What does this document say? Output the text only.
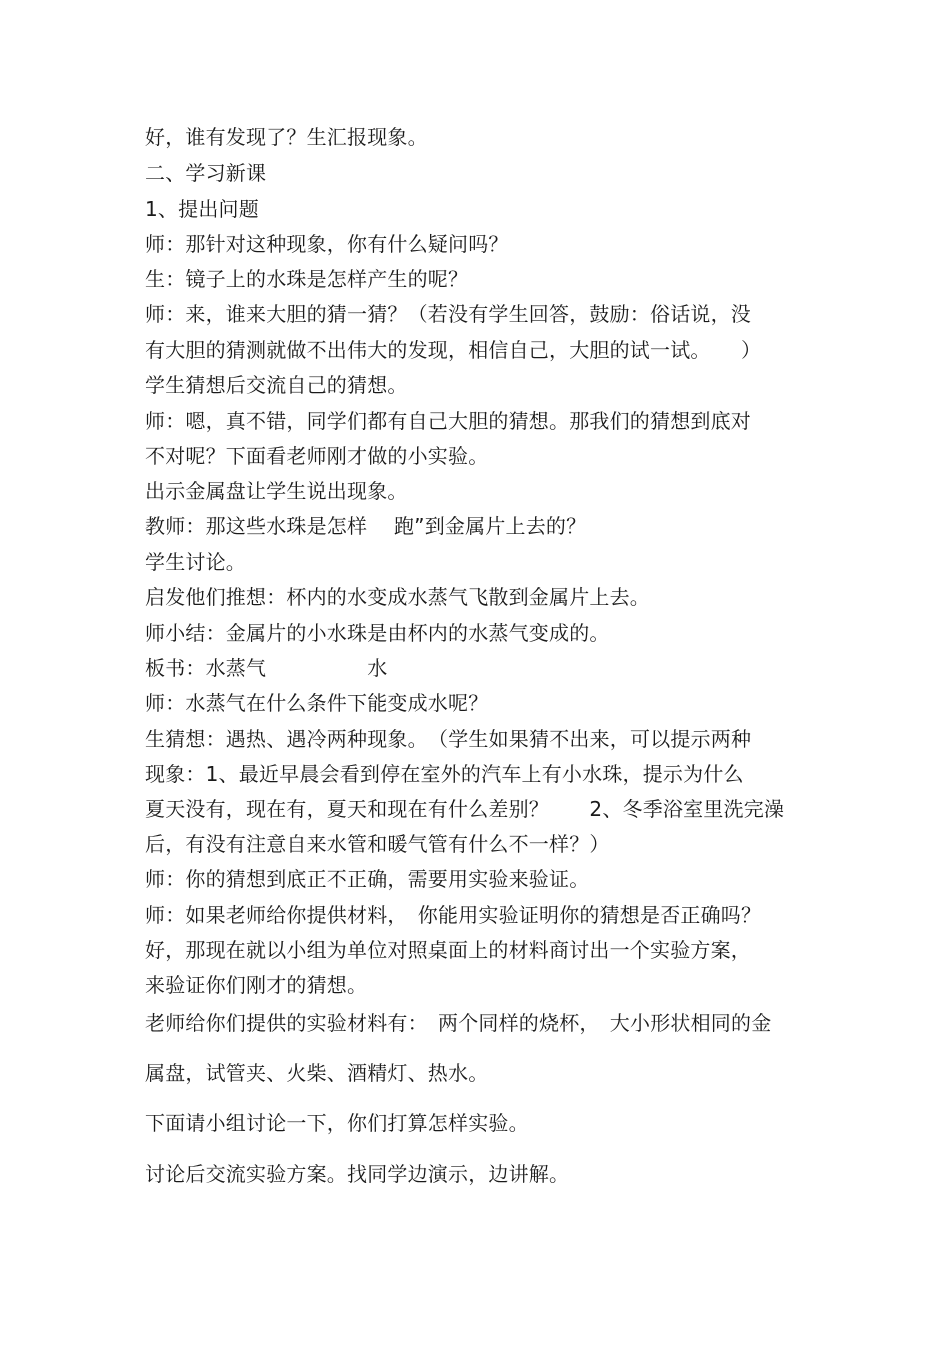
好，谁有发现了？生汇报现象。
二、学习新课
1、提出问题
师：那针对这种现象，你有什么疑问吗？
生：镜子上的水珠是怎样产生的呢？
师：来，谁来大胆的猜一猜？（若没有学生回答，鼓励：俗话说，没
有大胆的猜测就做不出伟大的发现，相信自己，大胆的试一试。　　）
学生猜想后交流自己的猜想。
师：嗯，真不错，同学们都有自己大胆的猜想。那我们的猜想到底对
不对呢？下面看老师刚才做的小实验。
出示金属盘让学生说出现象。
教师：那这些水珠是怎样　 跑”到金属片上去的？
学生讨论。
启发他们推想：杯内的水变成水蒸气飞散到金属片上去。
师小结：金属片的小水珠是由杯内的水蒸气变成的。
板书：水蒸气　　　　　水
师：水蒸气在什么条件下能变成水呢？
生猜想：遇热、遇冷两种现象。　（学生如果猜不出来，可以提示两种
现象：1、最近早晨会看到停在室外的汽车上有小水珠，提示为什么
夏天没有，现在有，夏天和现在有什么差别？　　2、冬季浴室里洗完澡
后，有没有注意自来水管和暖气管有什么不一样？）
师：你的猜想到底正不正确，需要用实验来验证。
师：如果老师给你提供材料，　你能用实验证明你的猜想是否正确吗？
好，那现在就以小组为单位对照桌面上的材料商讨出一个实验方案，
来验证你们刚才的猜想。
老师给你们提供的实验材料有：　两个同样的烧杯，　大小形状相同的金
属盘，试管夹、火柴、酒精灯、热水。
下面请小组讨论一下，你们打算怎样实验。
讨论后交流实验方案。找同学边演示，边讲解。
